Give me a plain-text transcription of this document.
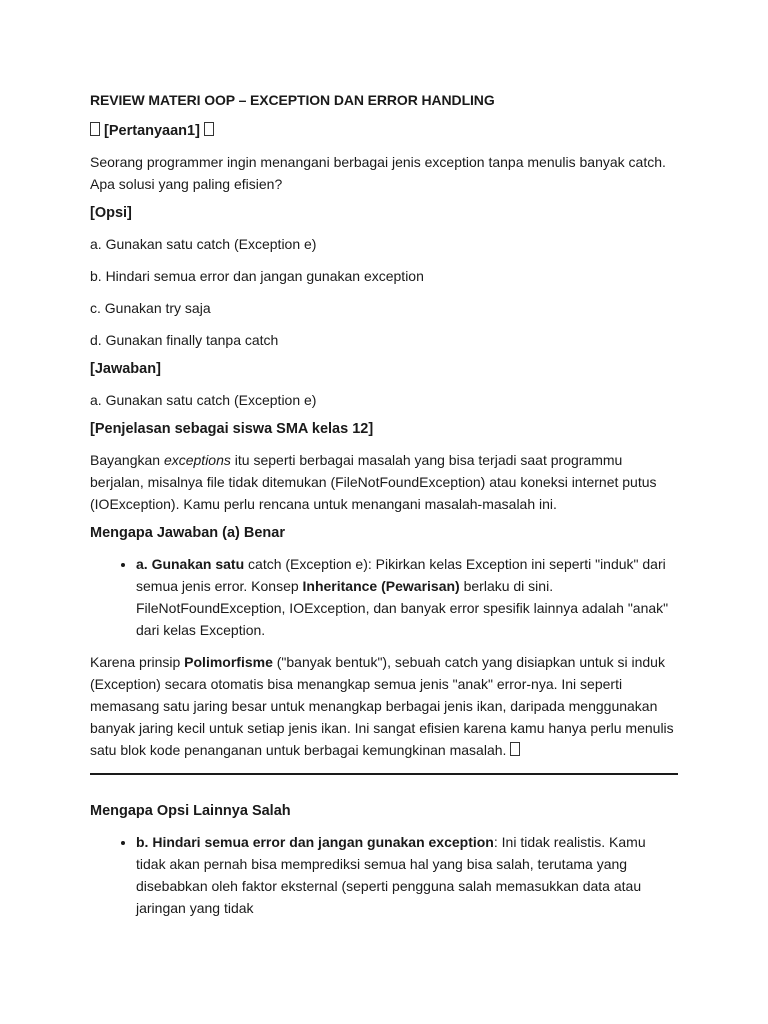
REVIEW MATERI OOP – EXCEPTION DAN ERROR HANDLING
[Pertanyaan1]
Seorang programmer ingin menangani berbagai jenis exception tanpa menulis banyak catch. Apa solusi yang paling efisien?
[Opsi]
a. Gunakan satu catch (Exception e)
b. Hindari semua error dan jangan gunakan exception
c. Gunakan try saja
d. Gunakan finally tanpa catch
[Jawaban]
a. Gunakan satu catch (Exception e)
[Penjelasan sebagai siswa SMA kelas 12]
Bayangkan exceptions itu seperti berbagai masalah yang bisa terjadi saat programmu berjalan, misalnya file tidak ditemukan (FileNotFoundException) atau koneksi internet putus (IOException). Kamu perlu rencana untuk menangani masalah-masalah ini.
Mengapa Jawaban (a) Benar
• a. Gunakan satu catch (Exception e): Pikirkan kelas Exception ini seperti "induk" dari semua jenis error. Konsep Inheritance (Pewarisan) berlaku di sini. FileNotFoundException, IOException, dan banyak error spesifik lainnya adalah "anak" dari kelas Exception.
Karena prinsip Polimorfisme ("banyak bentuk"), sebuah catch yang disiapkan untuk si induk (Exception) secara otomatis bisa menangkap semua jenis "anak" error-nya. Ini seperti memasang satu jaring besar untuk menangkap berbagai jenis ikan, daripada menggunakan banyak jaring kecil untuk setiap jenis ikan. Ini sangat efisien karena kamu hanya perlu menulis satu blok kode penanganan untuk berbagai kemungkinan masalah.
Mengapa Opsi Lainnya Salah
• b. Hindari semua error dan jangan gunakan exception: Ini tidak realistis. Kamu tidak akan pernah bisa memprediksi semua hal yang bisa salah, terutama yang disebabkan oleh faktor eksternal (seperti pengguna salah memasukkan data atau jaringan yang tidak
